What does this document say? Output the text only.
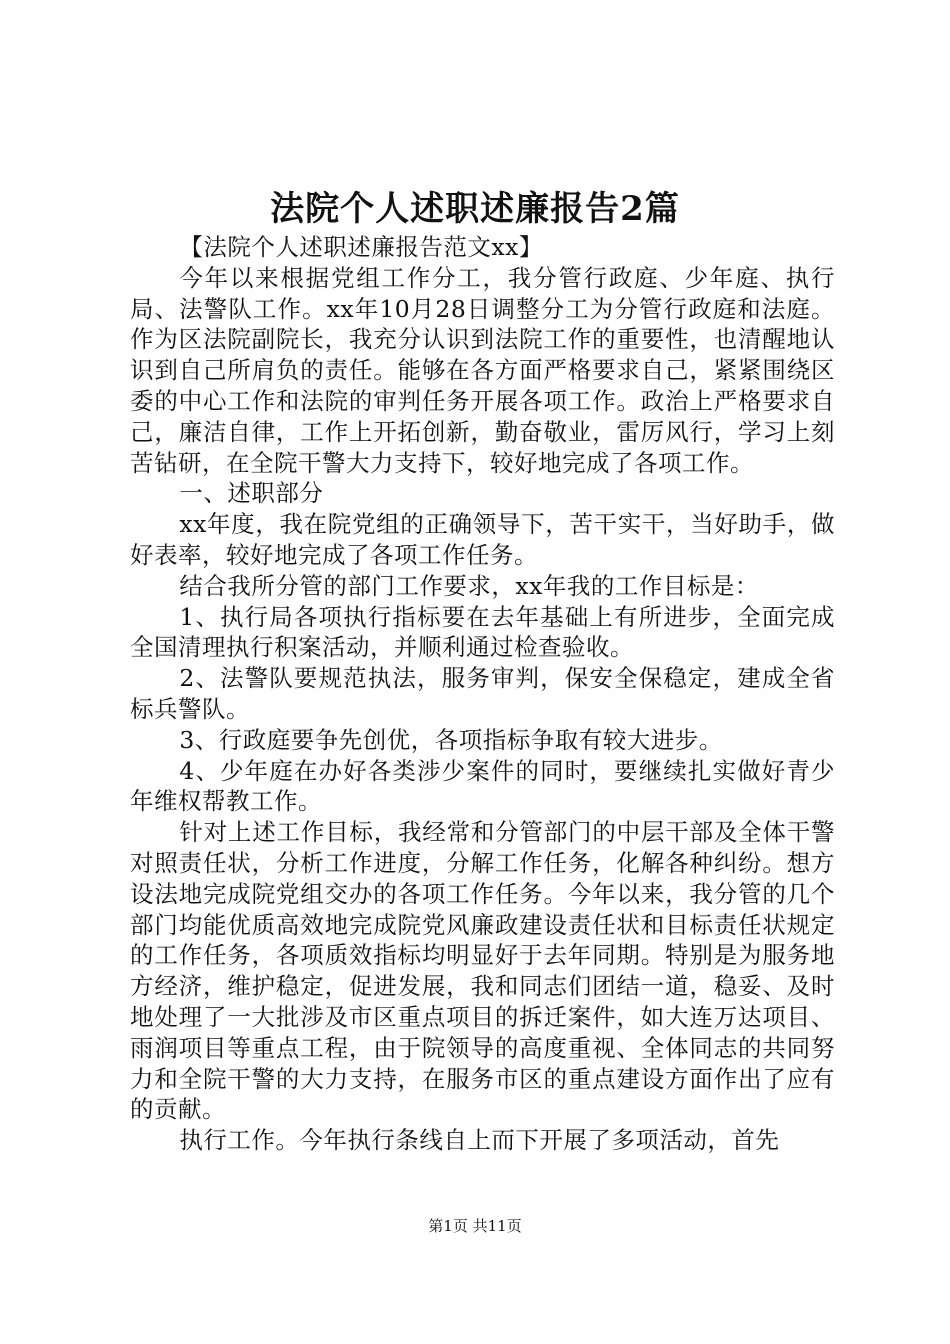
法院个人述职述廉报告2篇

【法院个人述职述廉报告范文xx】

今年以来根据党组工作分工，我分管行政庭、少年庭、执行局、法警队工作。xx年10月28日调整分工为分管行政庭和法庭。作为区法院副院长，我充分认识到法院工作的重要性，也清醒地认识到自己所肩负的责任。能够在各方面严格要求自己，紧紧围绕区委的中心工作和法院的审判任务开展各项工作。政治上严格要求自己，廉洁自律，工作上开拓创新，勤奋敬业，雷厉风行，学习上刻苦钻研，在全院干警大力支持下，较好地完成了各项工作。

一、述职部分

xx年度，我在院党组的正确领导下，苦干实干，当好助手，做好表率，较好地完成了各项工作任务。

结合我所分管的部门工作要求，xx年我的工作目标是：

1、执行局各项执行指标要在去年基础上有所进步，全面完成全国清理执行积案活动，并顺利通过检查验收。

2、法警队要规范执法，服务审判，保安全保稳定，建成全省标兵警队。

3、行政庭要争先创优，各项指标争取有较大进步。

4、少年庭在办好各类涉少案件的同时，要继续扎实做好青少年维权帮教工作。

针对上述工作目标，我经常和分管部门的中层干部及全体干警对照责任状，分析工作进度，分解工作任务，化解各种纠纷。想方设法地完成院党组交办的各项工作任务。今年以来，我分管的几个部门均能优质高效地完成院党风廉政建设责任状和目标责任状规定的工作任务，各项质效指标均明显好于去年同期。特别是为服务地方经济，维护稳定，促进发展，我和同志们团结一道，稳妥、及时地处理了一大批涉及市区重点项目的拆迁案件，如大连万达项目、雨润项目等重点工程，由于院领导的高度重视、全体同志的共同努力和全院干警的大力支持，在服务市区的重点建设方面作出了应有的贡献。

执行工作。今年执行条线自上而下开展了多项活动，首先

第1页 共11页
